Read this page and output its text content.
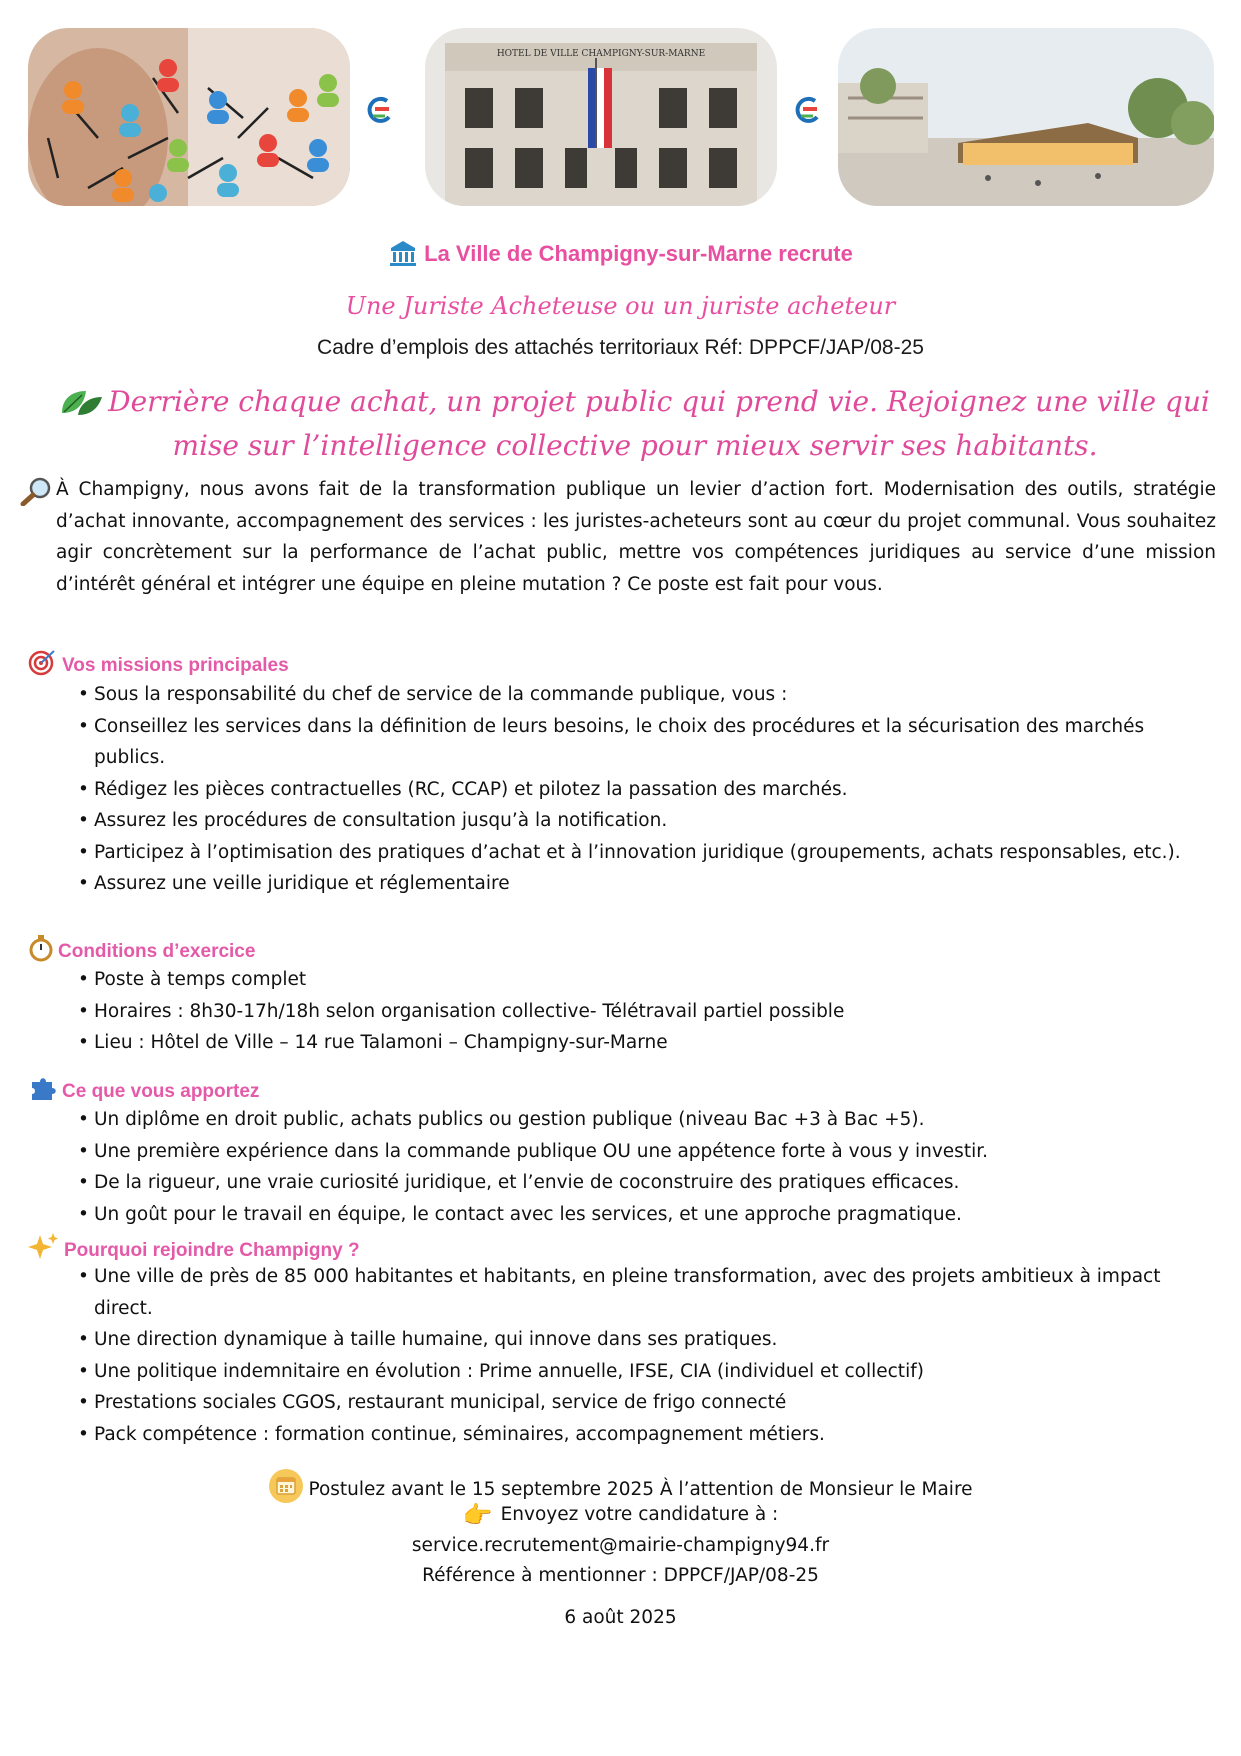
HOTEL DE VILLE CHAMPIGNY-SUR-MARNE
La Ville de Champigny-sur-Marne recrute
Une Juriste Acheteuse ou un juriste acheteur
Cadre d’emplois des attachés territoriaux Réf: DPPCF/JAP/08-25
Derrière chaque achat, un projet public qui prend vie. Rejoignez une ville qui
mise sur l’intelligence collective pour mieux servir ses habitants.
À Champigny, nous avons fait de la transformation publique un levier d’action fort. Modernisation des outils, stratégie d’achat innovante, accompagnement des services : les juristes-acheteurs sont au cœur du projet communal. Vous souhaitez agir concrètement sur la performance de l’achat public, mettre vos compétences juridiques au service d’une mission d’intérêt général et intégrer une équipe en pleine mutation ? Ce poste est fait pour vous.
Vos missions principales
• Sous la responsabilité du chef de service de la commande publique, vous :
• Conseillez les services dans la définition de leurs besoins, le choix des procédures et la sécurisation des marchés publics.
• Rédigez les pièces contractuelles (RC, CCAP) et pilotez la passation des marchés.
• Assurez les procédures de consultation jusqu’à la notification.
• Participez à l’optimisation des pratiques d’achat et à l’innovation juridique (groupements, achats responsables, etc.).
• Assurez une veille juridique et réglementaire
Conditions d’exercice
• Poste à temps complet
• Horaires : 8h30-17h/18h selon organisation collective- Télétravail partiel possible
• Lieu : Hôtel de Ville – 14 rue Talamoni – Champigny-sur-Marne
Ce que vous apportez
• Un diplôme en droit public, achats publics ou gestion publique (niveau Bac +3 à Bac +5).
• Une première expérience dans la commande publique OU une appétence forte à vous y investir.
• De la rigueur, une vraie curiosité juridique, et l’envie de coconstruire des pratiques efficaces.
• Un goût pour le travail en équipe, le contact avec les services, et une approche pragmatique.
Pourquoi rejoindre Champigny ?
• Une ville de près de 85 000 habitantes et habitants, en pleine transformation, avec des projets ambitieux à impact direct.
• Une direction dynamique à taille humaine, qui innove dans ses pratiques.
• Une politique indemnitaire en évolution : Prime annuelle, IFSE, CIA (individuel et collectif)
• Prestations sociales CGOS, restaurant municipal, service de frigo connecté
• Pack compétence : formation continue, séminaires, accompagnement métiers.
Postulez avant le 15 septembre 2025 À l’attention de Monsieur le Maire
👉 Envoyez votre candidature à :
service.recrutement@mairie-champigny94.fr
Référence à mentionner : DPPCF/JAP/08-25
6 août 2025
